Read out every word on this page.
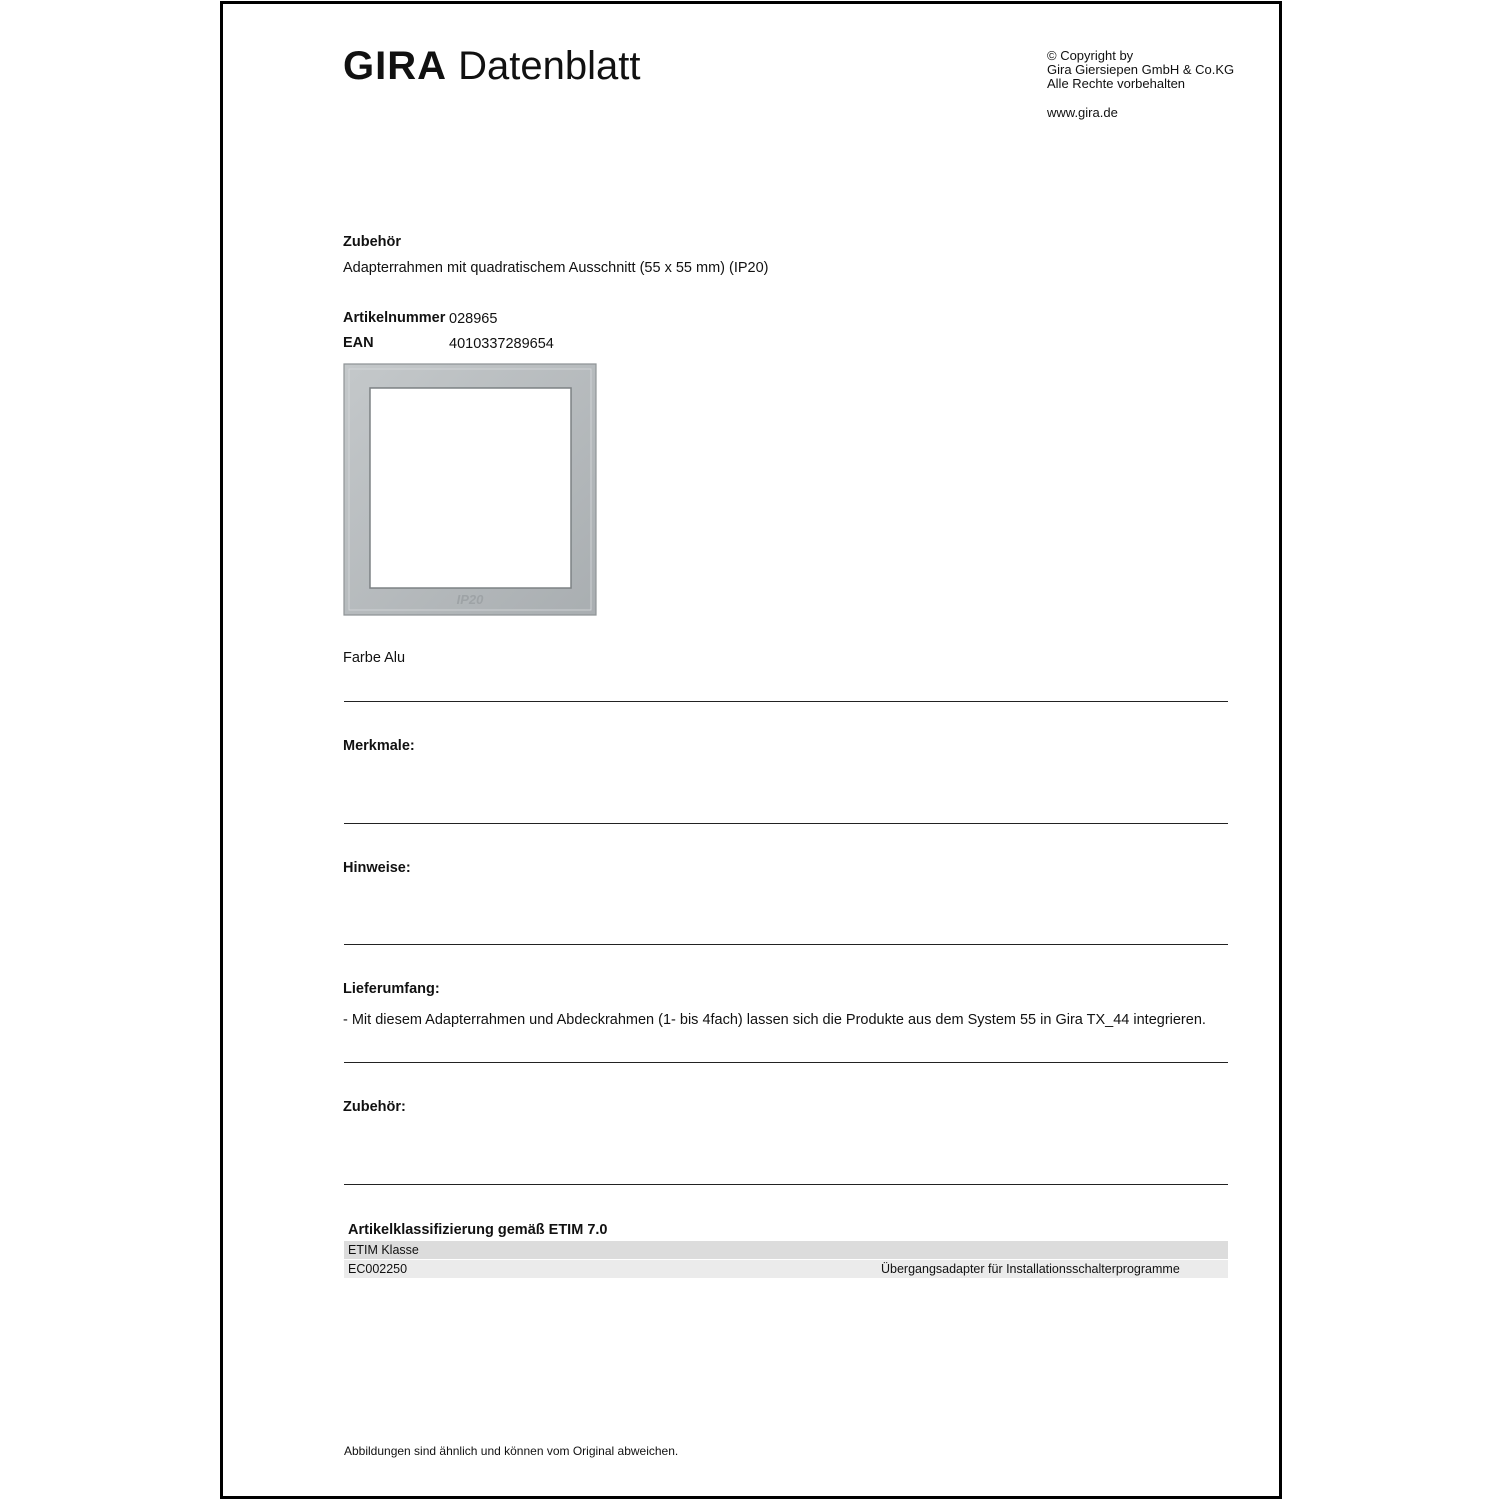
GIRA Datenblatt	© Copyright by
Gira Giersiepen GmbH & Co.KG
Alle Rechte vorbehalten
www.gira.de
Zubehör
Adapterrahmen mit quadratischem Ausschnitt (55 x 55 mm) (IP20)
Artikelnummer 028965
EAN	4010337289654
IP20
Farbe Alu
Merkmale:
Hinweise:
Lieferumfang:
- Mit diesem Adapterrahmen und Abdeckrahmen (1- bis 4fach) lassen sich die Produkte aus dem System 55 in Gira TX_44 integrieren.
Zubehör:
Artikelklassifizierung gemäß ETIM 7.0
ETIM Klasse
EC002250	Übergangsadapter für Installationsschalterprogramme
Abbildungen sind ähnlich und können vom Original abweichen.
